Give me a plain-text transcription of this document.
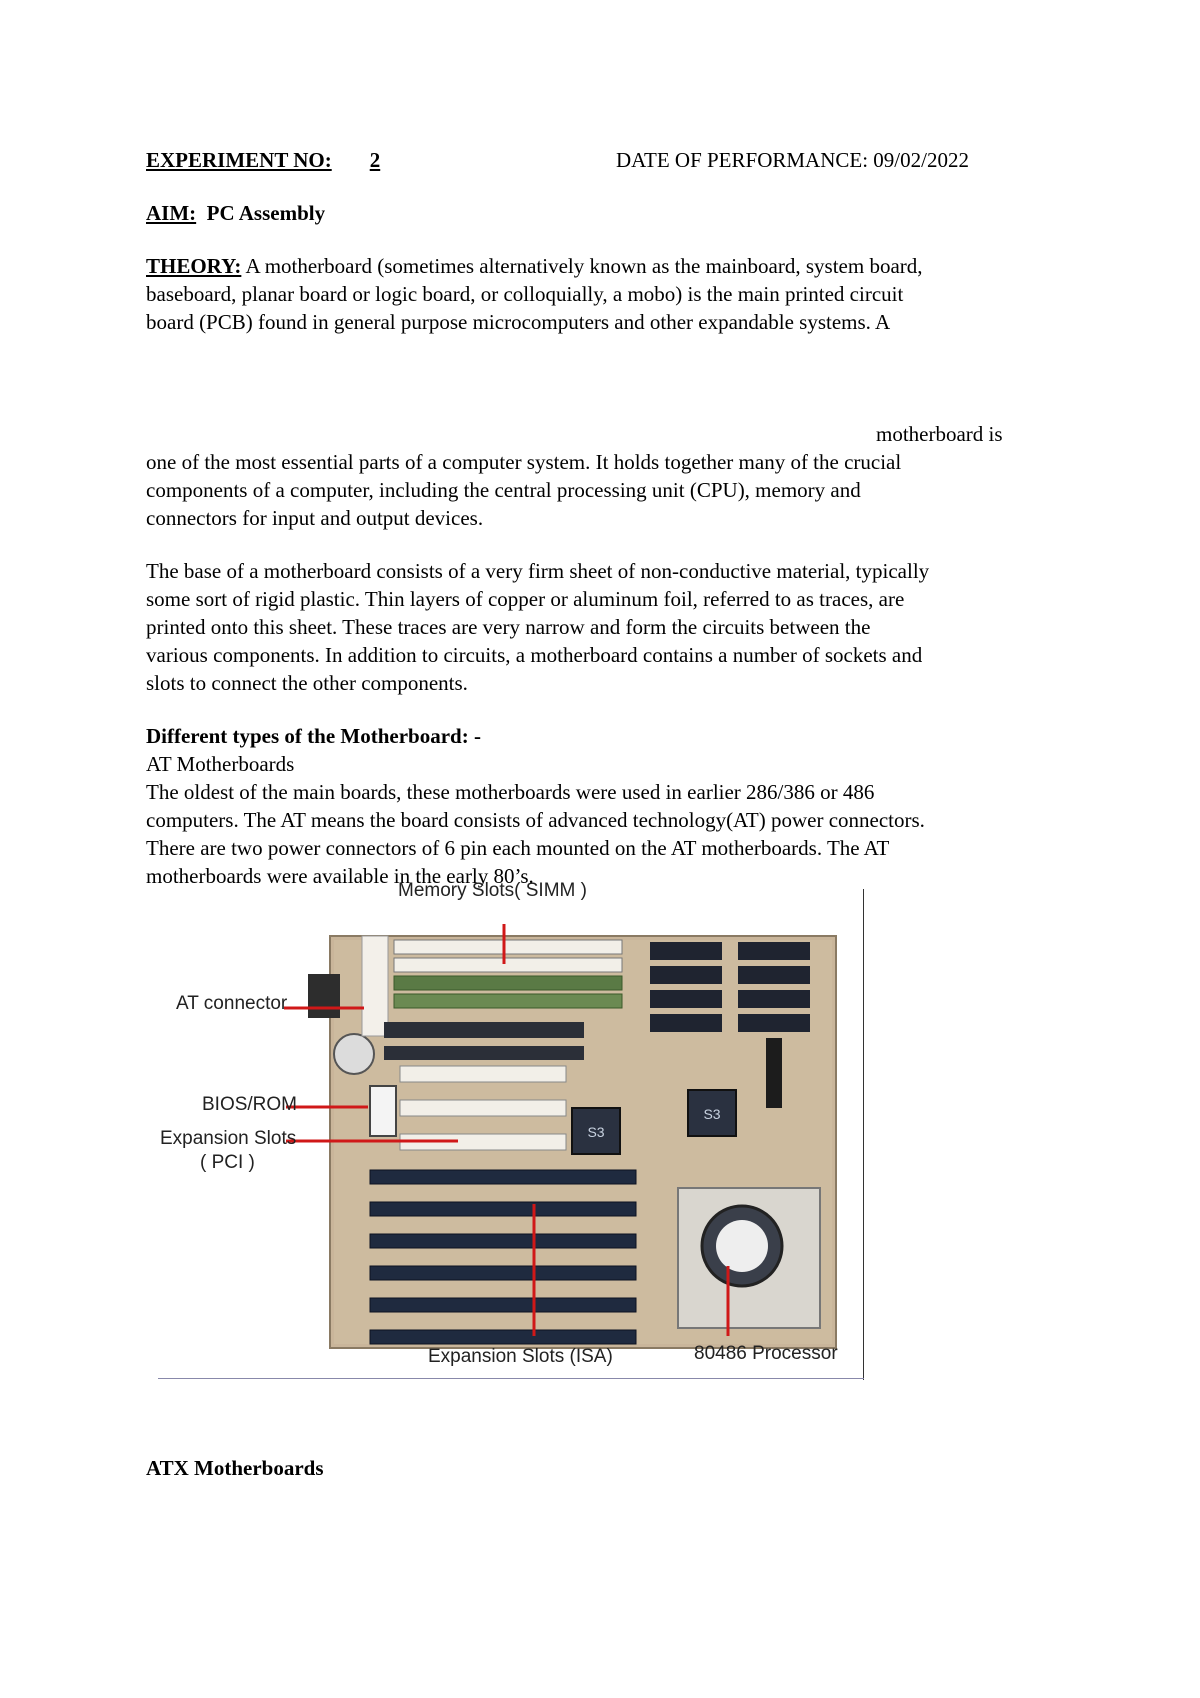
EXPERIMENT NO: 2	DATE OF PERFORMANCE: 09/02/2022
AIM: PC Assembly
THEORY: A motherboard (sometimes alternatively known as the mainboard, system board,
baseboard, planar board or logic board, or colloquially, a mobo) is the main printed circuit
board (PCB) found in general purpose microcomputers and other expandable systems. A
motherboard is
one of the most essential parts of a computer system. It holds together many of the crucial
components of a computer, including the central processing unit (CPU), memory and
connectors for input and output devices.
The base of a motherboard consists of a very firm sheet of non-conductive material, typically
some sort of rigid plastic. Thin layers of copper or aluminum foil, referred to as traces, are
printed onto this sheet. These traces are very narrow and form the circuits between the
various components. In addition to circuits, a motherboard contains a number of sockets and
slots to connect the other components.
Different types of the Motherboard: -
AT Motherboards
The oldest of the main boards, these motherboards were used in earlier 286/386 or 486
computers. The AT means the board consists of advanced technology(AT) power connectors.
There are two power connectors of 6 pin each mounted on the AT motherboards. The AT
motherboards were available in the early 80’s.
S3
S3
Memory Slots( SIMM )
AT connector
BIOS/ROM
Expansion Slots
( PCI )
Expansion Slots (ISA)	80486 Processor
ATX Motherboards
